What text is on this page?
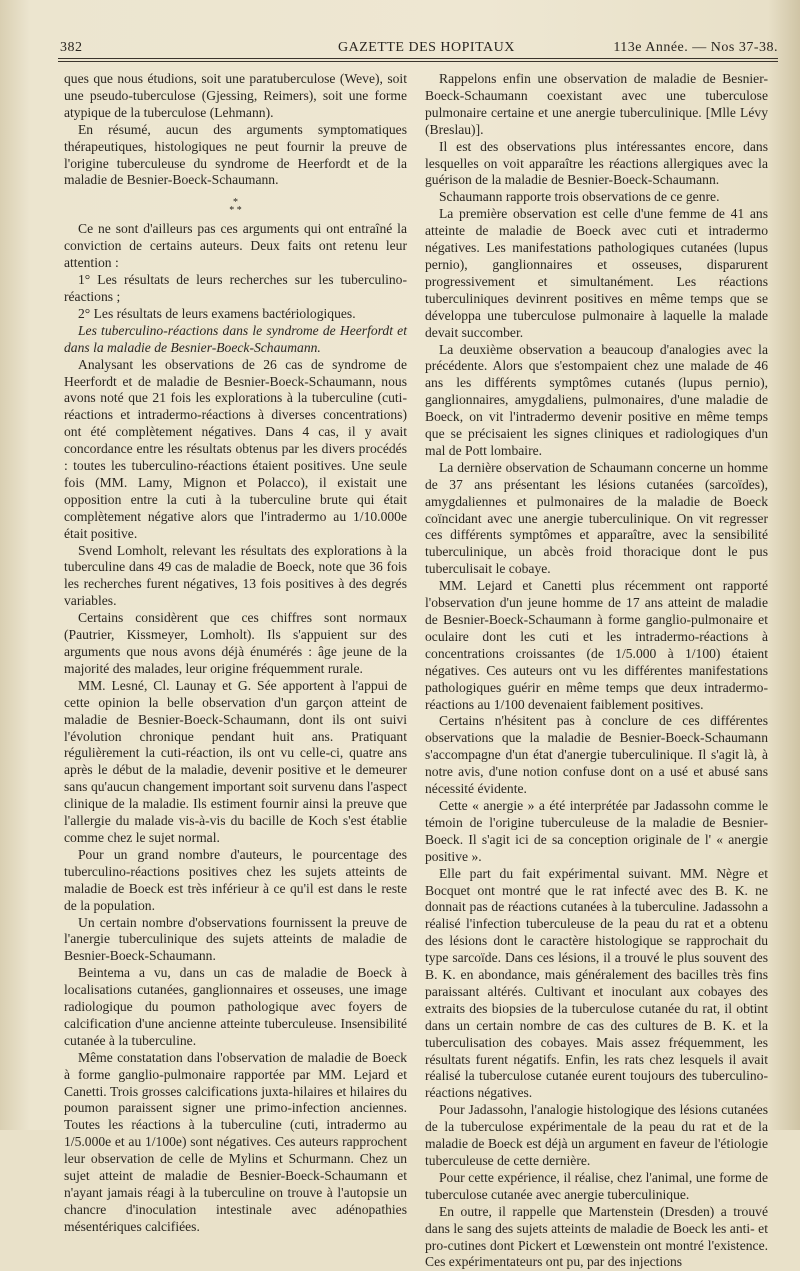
382	GAZETTE DES HOPITAUX	113e Année. — Nos 37-38.

ques que nous étudions, soit une paratuberculose (Weve), soit une pseudo-tuberculose (Gjessing, Reimers), soit une forme atypique de la tuberculose (Lehmann).

En résumé, aucun des arguments symptomatiques thérapeutiques, histologiques ne peut fournir la preuve de l'origine tuberculeuse du syndrome de Heerfordt et de la maladie de Besnier-Boeck-Schaumann.

*
* *

Ce ne sont d'ailleurs pas ces arguments qui ont entraîné la conviction de certains auteurs. Deux faits ont retenu leur attention :

1° Les résultats de leurs recherches sur les tuberculino-réactions ;

2° Les résultats de leurs examens bactériologiques.

Les tuberculino-réactions dans le syndrome de Heerfordt et dans la maladie de Besnier-Boeck-Schaumann.

Analysant les observations de 26 cas de syndrome de Heerfordt et de maladie de Besnier-Boeck-Schaumann, nous avons noté que 21 fois les explorations à la tuberculine (cuti-réactions et intradermo-réactions à diverses concentrations) ont été complètement négatives. Dans 4 cas, il y avait concordance entre les résultats obtenus par les divers procédés : toutes les tuberculino-réactions étaient positives. Une seule fois (MM. Lamy, Mignon et Polacco), il existait une opposition entre la cuti à la tuberculine brute qui était complètement négative alors que l'intradermo au 1/10.000e était positive.

Svend Lomholt, relevant les résultats des explorations à la tuberculine dans 49 cas de maladie de Boeck, note que 36 fois les recherches furent négatives, 13 fois positives à des degrés variables.

Certains considèrent que ces chiffres sont normaux (Pautrier, Kissmeyer, Lomholt). Ils s'appuient sur des arguments que nous avons déjà énumérés : âge jeune de la majorité des malades, leur origine fréquemment rurale.

MM. Lesné, Cl. Launay et G. Sée apportent à l'appui de cette opinion la belle observation d'un garçon atteint de maladie de Besnier-Boeck-Schaumann, dont ils ont suivi l'évolution chronique pendant huit ans. Pratiquant régulièrement la cuti-réaction, ils ont vu celle-ci, quatre ans après le début de la maladie, devenir positive et le demeurer sans qu'aucun changement important soit survenu dans l'aspect clinique de la maladie. Ils estiment fournir ainsi la preuve que l'allergie du malade vis-à-vis du bacille de Koch s'est établie comme chez le sujet normal.

Pour un grand nombre d'auteurs, le pourcentage des tuberculino-réactions positives chez les sujets atteints de maladie de Boeck est très inférieur à ce qu'il est dans le reste de la population.

Un certain nombre d'observations fournissent la preuve de l'anergie tuberculinique des sujets atteints de maladie de Besnier-Boeck-Schaumann.

Beintema a vu, dans un cas de maladie de Boeck à localisations cutanées, ganglionnaires et osseuses, une image radiologique du poumon pathologique avec foyers de calcification d'une ancienne atteinte tuberculeuse. Insensibilité cutanée à la tuberculine.

Même constatation dans l'observation de maladie de Boeck à forme ganglio-pulmonaire rapportée par MM. Lejard et Canetti. Trois grosses calcifications juxta-hilaires et hilaires du poumon paraissent signer une primo-infection anciennes. Toutes les réactions à la tuberculine (cuti, intradermo au 1/5.000e et au 1/100e) sont négatives. Ces auteurs rapprochent leur observation de celle de Mylins et Schurmann. Chez un sujet atteint de maladie de Besnier-Boeck-Schaumann et n'ayant jamais réagi à la tuberculine on trouve à l'autopsie un chancre d'inoculation intestinale avec adénopathies mésentériques calcifiées.

Rappelons enfin une observation de maladie de Besnier-Boeck-Schaumann coexistant avec une tuberculose pulmonaire certaine et une anergie tuberculinique. [Mlle Lévy (Breslau)].

Il est des observations plus intéressantes encore, dans lesquelles on voit apparaître les réactions allergiques avec la guérison de la maladie de Besnier-Boeck-Schaumann.

Schaumann rapporte trois observations de ce genre.

La première observation est celle d'une femme de 41 ans atteinte de maladie de Boeck avec cuti et intradermo négatives. Les manifestations pathologiques cutanées (lupus pernio), ganglionnaires et osseuses, disparurent progressivement et simultanément. Les réactions tuberculiniques devinrent positives en même temps que se développa une tuberculose pulmonaire à laquelle la malade devait succomber.

La deuxième observation a beaucoup d'analogies avec la précédente. Alors que s'estompaient chez une malade de 46 ans les différents symptômes cutanés (lupus pernio), ganglionnaires, amygdaliens, pulmonaires, d'une maladie de Boeck, on vit l'intradermo devenir positive en même temps que se précisaient les signes cliniques et radiologiques d'un mal de Pott lombaire.

La dernière observation de Schaumann concerne un homme de 37 ans présentant les lésions cutanées (sarcoïdes), amygdaliennes et pulmonaires de la maladie de Boeck coïncidant avec une anergie tuberculinique. On vit regresser ces différents symptômes et apparaître, avec la sensibilité tuberculinique, un abcès froid thoracique dont le pus tuberculisait le cobaye.

MM. Lejard et Canetti plus récemment ont rapporté l'observation d'un jeune homme de 17 ans atteint de maladie de Besnier-Boeck-Schaumann à forme ganglio-pulmonaire et oculaire dont les cuti et les intradermo-réactions à concentrations croissantes (de 1/5.000 à 1/100) étaient négatives. Ces auteurs ont vu les différentes manifestations pathologiques guérir en même temps que deux intradermo-réactions au 1/100 devenaient faiblement positives.

Certains n'hésitent pas à conclure de ces différentes observations que la maladie de Besnier-Boeck-Schaumann s'accompagne d'un état d'anergie tuberculinique. Il s'agit là, à notre avis, d'une notion confuse dont on a usé et abusé sans nécessité évidente.

Cette « anergie » a été interprétée par Jadassohn comme le témoin de l'origine tuberculeuse de la maladie de Besnier-Boeck. Il s'agit ici de sa conception originale de l' « anergie positive ».

Elle part du fait expérimental suivant. MM. Nègre et Bocquet ont montré que le rat infecté avec des B. K. ne donnait pas de réactions cutanées à la tuberculine. Jadassohn a réalisé l'infection tuberculeuse de la peau du rat et a obtenu des lésions dont le caractère histologique se rapprochait du type sarcoïde. Dans ces lésions, il a trouvé le plus souvent des B. K. en abondance, mais généralement des bacilles très fins paraissant altérés. Cultivant et inoculant aux cobayes des extraits des biopsies de la tuberculose cutanée du rat, il obtint dans un certain nombre de cas des cultures de B. K. et la tuberculisation des cobayes. Mais assez fréquemment, les résultats furent négatifs. Enfin, les rats chez lesquels il avait réalisé la tuberculose cutanée eurent toujours des tuberculino-réactions négatives.

Pour Jadassohn, l'analogie histologique des lésions cutanées de la tuberculose expérimentale de la peau du rat et de la maladie de Boeck est déjà un argument en faveur de l'étiologie tuberculeuse de cette dernière.

Pour cette expérience, il réalise, chez l'animal, une forme de tuberculose cutanée avec anergie tuberculinique.

En outre, il rappelle que Martenstein (Dresden) a trouvé dans le sang des sujets atteints de maladie de Boeck les anti- et pro-cutines dont Pickert et Lœwenstein ont montré l'existence. Ces expérimentateurs ont pu, par des injections
